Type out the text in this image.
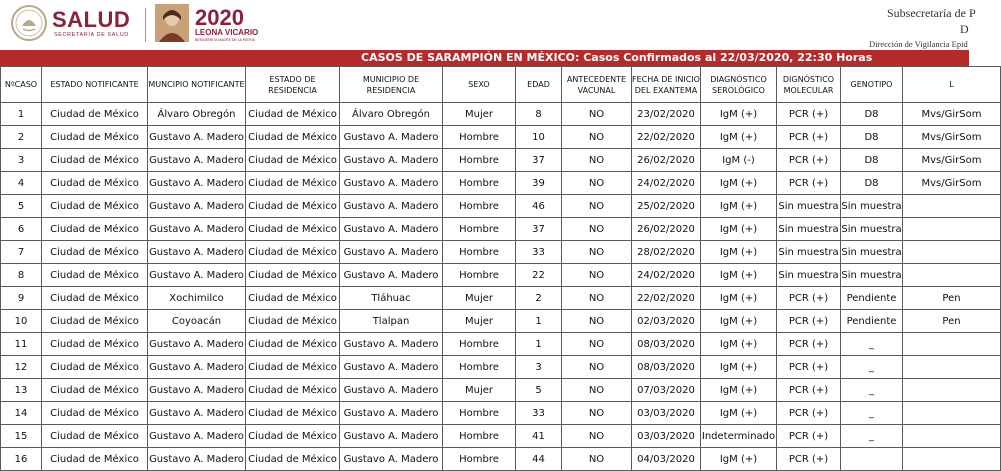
SALUD
SECRETARÍA DE SALUD
2020
LEONA VICARIO
BENEMÉRITA MADRE DE LA PATRIA
Subsecretaría de P
D
Dirección de Vigilancia Epid
CASOS DE SARAMPIÓN EN MÉXICO: Casos Confirmados al 22/03/2020, 22:30 Horas
NºCASO	ESTADO NOTIFICANTE	MUNCIPIO NOTIFICANTE	ESTADO DE RESIDENCIA	MUNICIPIO DE RESIDENCIA	SEXO	EDAD	ANTECEDENTE VACUNAL	FECHA DE INICIO DEL EXANTEMA	DIAGNÓSTICO SEROLÓGICO	DIGNÓSTICO MOLECULAR	GENOTIPO	L
1	Ciudad de México	Álvaro Obregón	Ciudad de México	Álvaro Obregón	Mujer	8	NO	23/02/2020	IgM (+)	PCR (+)	D8	Mvs/GirSom
2	Ciudad de México	Gustavo A. Madero	Ciudad de México	Gustavo A. Madero	Hombre	10	NO	22/02/2020	IgM (+)	PCR (+)	D8	Mvs/GirSom
3	Ciudad de México	Gustavo A. Madero	Ciudad de México	Gustavo A. Madero	Hombre	37	NO	26/02/2020	IgM (-)	PCR (+)	D8	Mvs/GirSom
4	Ciudad de México	Gustavo A. Madero	Ciudad de México	Gustavo A. Madero	Hombre	39	NO	24/02/2020	IgM (+)	PCR (+)	D8	Mvs/GirSom
5	Ciudad de México	Gustavo A. Madero	Ciudad de México	Gustavo A. Madero	Hombre	46	NO	25/02/2020	IgM (+)	Sin muestra	Sin muestra	
6	Ciudad de México	Gustavo A. Madero	Ciudad de México	Gustavo A. Madero	Hombre	37	NO	26/02/2020	IgM (+)	Sin muestra	Sin muestra	
7	Ciudad de México	Gustavo A. Madero	Ciudad de México	Gustavo A. Madero	Hombre	33	NO	28/02/2020	IgM (+)	Sin muestra	Sin muestra	
8	Ciudad de México	Gustavo A. Madero	Ciudad de México	Gustavo A. Madero	Hombre	22	NO	24/02/2020	IgM (+)	Sin muestra	Sin muestra	
9	Ciudad de México	Xochimilco	Ciudad de México	Tláhuac	Mujer	2	NO	22/02/2020	IgM (+)	PCR (+)	Pendiente	Pen
10	Ciudad de México	Coyoacán	Ciudad de México	Tlalpan	Mujer	1	NO	02/03/2020	IgM (+)	PCR (+)	Pendiente	Pen
11	Ciudad de México	Gustavo A. Madero	Ciudad de México	Gustavo A. Madero	Hombre	1	NO	08/03/2020	IgM (+)	PCR (+)	_	
12	Ciudad de México	Gustavo A. Madero	Ciudad de México	Gustavo A. Madero	Hombre	3	NO	08/03/2020	IgM (+)	PCR (+)	_	
13	Ciudad de México	Gustavo A. Madero	Ciudad de México	Gustavo A. Madero	Mujer	5	NO	07/03/2020	IgM (+)	PCR (+)	_	
14	Ciudad de México	Gustavo A. Madero	Ciudad de México	Gustavo A. Madero	Hombre	33	NO	03/03/2020	IgM (+)	PCR (+)	_	
15	Ciudad de México	Gustavo A. Madero	Ciudad de México	Gustavo A. Madero	Hombre	41	NO	03/03/2020	Indeterminado	PCR (+)	_	
16	Ciudad de México	Gustavo A. Madero	Ciudad de México	Gustavo A. Madero	Hombre	44	NO	04/03/2020	IgM (+)	PCR (+)		
